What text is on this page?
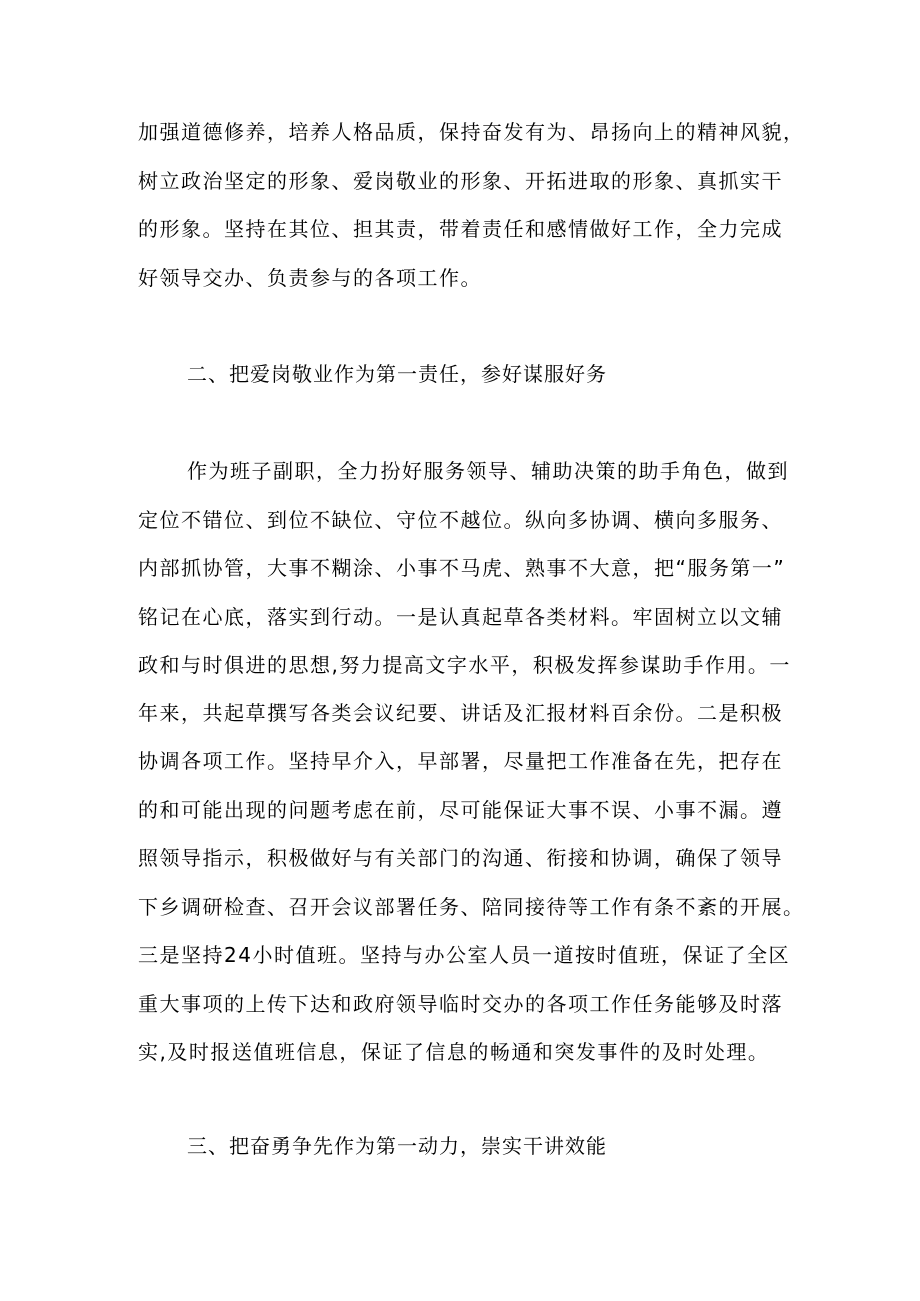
加强道德修养，培养人格品质，保持奋发有为、昂扬向上的精神风貌，
树立政治坚定的形象、爱岗敬业的形象、开拓进取的形象、真抓实干
的形象。坚持在其位、担其责，带着责任和感情做好工作，全力完成
好领导交办、负责参与的各项工作。
二、把爱岗敬业作为第一责任，参好谋服好务
作为班子副职，全力扮好服务领导、辅助决策的助手角色，做到
定位不错位、到位不缺位、守位不越位。纵向多协调、横向多服务、
内部抓协管，大事不糊涂、小事不马虎、熟事不大意，把“服务第一”
铭记在心底，落实到行动。一是认真起草各类材料。牢固树立以文辅
政和与时俱进的思想,努力提高文字水平，积极发挥参谋助手作用。一
年来，共起草撰写各类会议纪要、讲话及汇报材料百余份。二是积极
协调各项工作。坚持早介入，早部署，尽量把工作准备在先，把存在
的和可能出现的问题考虑在前，尽可能保证大事不误、小事不漏。遵
照领导指示，积极做好与有关部门的沟通、衔接和协调，确保了领导
下乡调研检查、召开会议部署任务、陪同接待等工作有条不紊的开展。
三是坚持24小时值班。坚持与办公室人员一道按时值班，保证了全区
重大事项的上传下达和政府领导临时交办的各项工作任务能够及时落
实,及时报送值班信息，保证了信息的畅通和突发事件的及时处理。
三、把奋勇争先作为第一动力，崇实干讲效能
